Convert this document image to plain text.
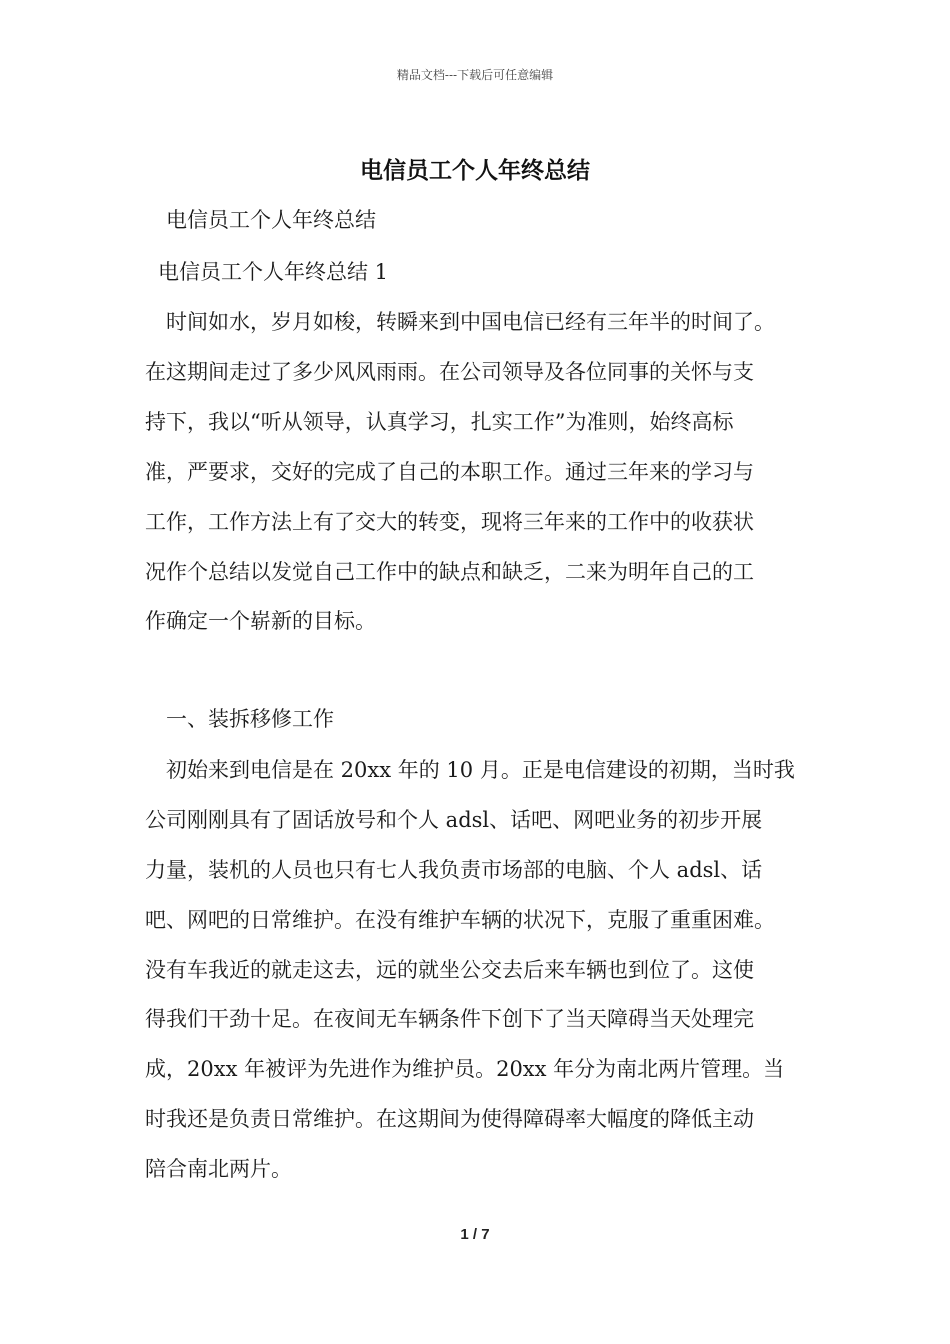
精品文档---下载后可任意编辑
电信员工个人年终总结
电信员工个人年终总结
电信员工个人年终总结 1
时间如水，岁月如梭，转瞬来到中国电信已经有三年半的时间了。
在这期间走过了多少风风雨雨。在公司领导及各位同事的关怀与支
持下，我以“听从领导，认真学习，扎实工作”为准则，始终高标
准，严要求，交好的完成了自己的本职工作。通过三年来的学习与
工作，工作方法上有了交大的转变，现将三年来的工作中的收获状
况作个总结以发觉自己工作中的缺点和缺乏，二来为明年自己的工
作确定一个崭新的目标。
一、装拆移修工作
初始来到电信是在 20xx 年的 10 月。正是电信建设的初期，当时我
公司刚刚具有了固话放号和个人 adsl、话吧、网吧业务的初步开展
力量，装机的人员也只有七人我负责市场部的电脑、个人 adsl、话
吧、网吧的日常维护。在没有维护车辆的状况下，克服了重重困难。
没有车我近的就走这去，远的就坐公交去后来车辆也到位了。这使
得我们干劲十足。在夜间无车辆条件下创下了当天障碍当天处理完
成，20xx 年被评为先进作为维护员。20xx 年分为南北两片管理。当
时我还是负责日常维护。在这期间为使得障碍率大幅度的降低主动
陪合南北两片。
1 / 7
